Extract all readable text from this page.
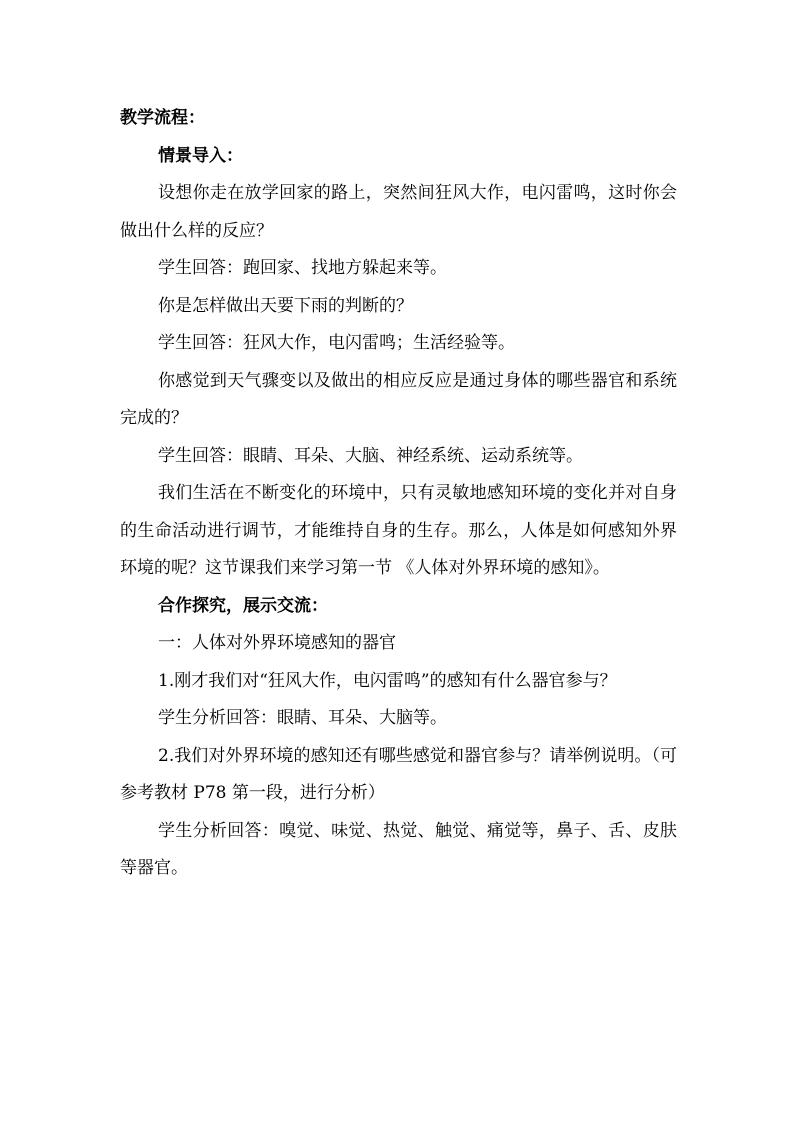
教学流程：

情景导入：

设想你走在放学回家的路上，突然间狂风大作，电闪雷鸣，这时你会做出什么样的反应？

学生回答：跑回家、找地方躲起来等。

你是怎样做出天要下雨的判断的？

学生回答：狂风大作，电闪雷鸣；生活经验等。

你感觉到天气骤变以及做出的相应反应是通过身体的哪些器官和系统完成的？

学生回答：眼睛、耳朵、大脑、神经系统、运动系统等。

我们生活在不断变化的环境中，只有灵敏地感知环境的变化并对自身的生命活动进行调节，才能维持自身的生存。那么，人体是如何感知外界环境的呢？这节课我们来学习第一节 《人体对外界环境的感知》。

合作探究，展示交流：

一：人体对外界环境感知的器官

1.刚才我们对“狂风大作，电闪雷鸣”的感知有什么器官参与？

学生分析回答：眼睛、耳朵、大脑等。

2.我们对外界环境的感知还有哪些感觉和器官参与？请举例说明。（可参考教材 P78 第一段，进行分析）

学生分析回答：嗅觉、味觉、热觉、触觉、痛觉等，鼻子、舌、皮肤等器官。
